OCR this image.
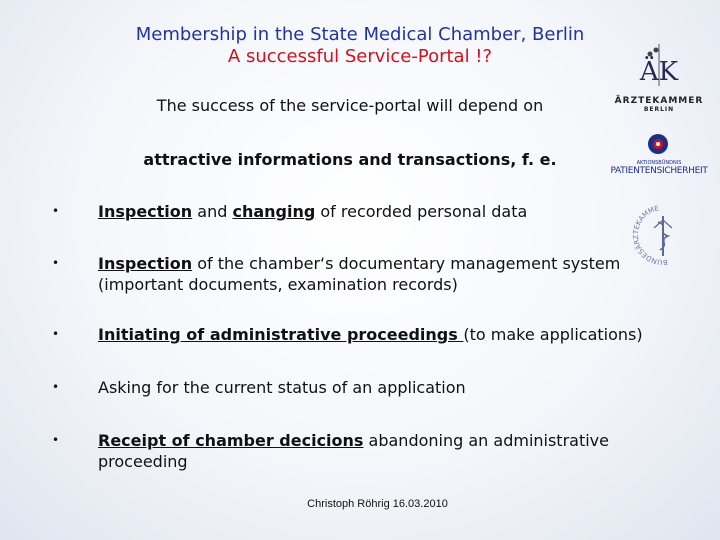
Membership in the State Medical Chamber, Berlin
A successful Service-Portal !?
ÄK
ÄRZTEKAMMER
BERLIN
AKTIONSBÜNDNIS
PATIENTENSICHERHEIT
BUNDESÄRZTEKAMMER
The success of the service-portal will depend on
attractive informations and transactions, f. e.
• Inspection and changing of recorded personal data
• Inspection of the chamber‘s documentary management system (important documents, examination records)
• Initiating of administrative proceedings (to make applications)
• Asking for the current status of an application
• Receipt of chamber decicions abandoning an administrative proceeding
Christoph Röhrig 16.03.2010
